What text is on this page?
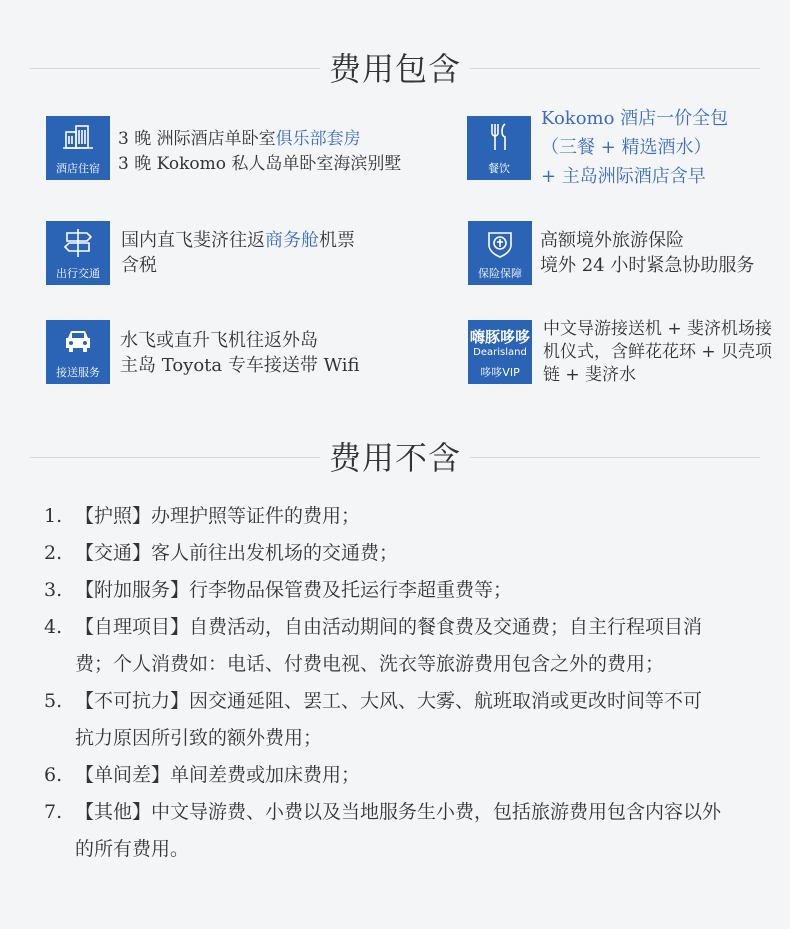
费用包含
酒店住宿
3 晚 洲际酒店单卧室俱乐部套房
3 晚 Kokomo 私人岛单卧室海滨别墅	餐饮
Kokomo 酒店一价全包
（三餐 + 精选酒水）
+ 主岛洲际酒店含早
出行交通
国内直飞斐济往返商务舱机票
含税	保险保障
高额境外旅游保险
境外 24 小时紧急协助服务
接送服务
水飞或直升飞机往返外岛
主岛 Toyota 专车接送带 Wifi
嗨豚哆哆
Dearisland
哆哆VIP
中文导游接送机 + 斐济机场接
机仪式，含鲜花花环 + 贝壳项
链 + 斐济水
费用不含
1. 【护照】办理护照等证件的费用；
2. 【交通】客人前往出发机场的交通费；
3. 【附加服务】行李物品保管费及托运行李超重费等；
4. 【自理项目】自费活动，自由活动期间的餐食费及交通费；自主行程项目消
费；个人消费如：电话、付费电视、洗衣等旅游费用包含之外的费用；
5. 【不可抗力】因交通延阻、罢工、大风、大雾、航班取消或更改时间等不可
抗力原因所引致的额外费用；
6. 【单间差】单间差费或加床费用；
7. 【其他】中文导游费、小费以及当地服务生小费，包括旅游费用包含内容以外
的所有费用。
